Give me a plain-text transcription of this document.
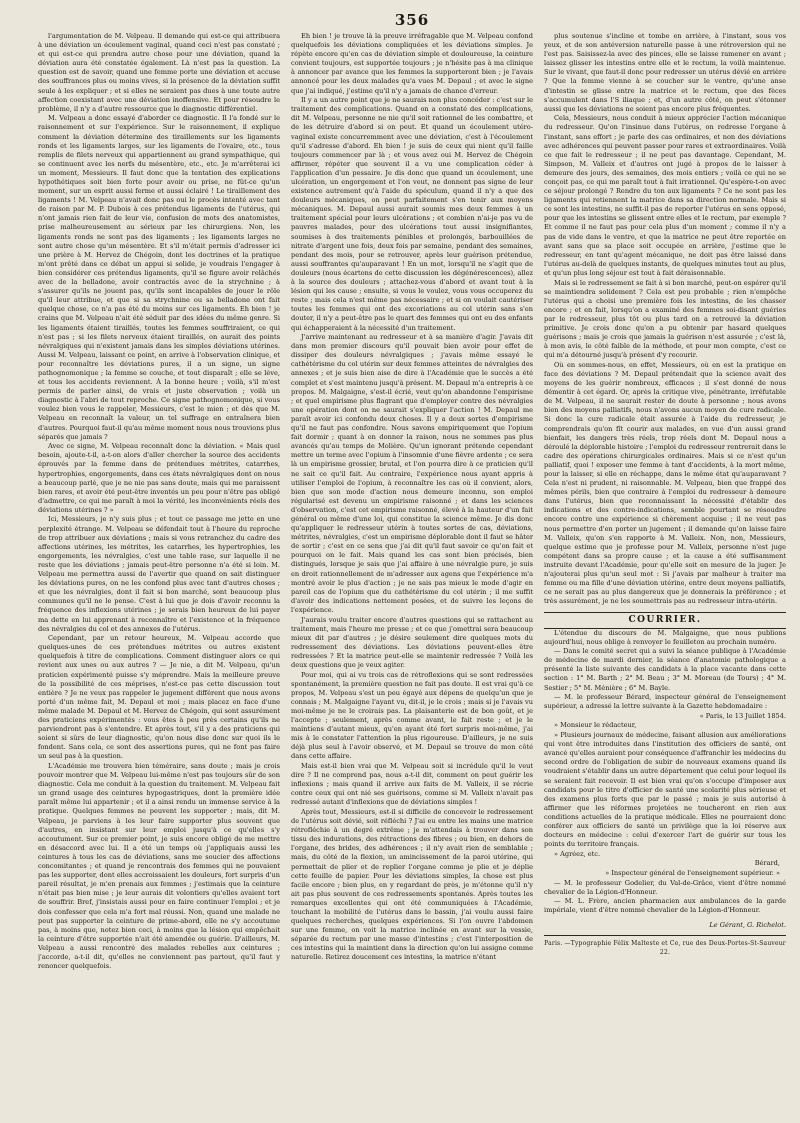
356

l'argumentation de M. Velpeau. Il demande qui est-ce qui attribuera à une déviation un écoulement vaginal, quand ceci n'est pas constaté ; et qui est-ce qui prendra autre chose pour une déviation, quand la déviation aura été constatée également. Là n'est pas la question. La question est de savoir, quand une femme porte une déviation et accuse des souffrances plus ou moins vives, si la présence de la déviation suffit seule à les expliquer ; et si elles ne seraient pas dues à une toute autre affection coexistant avec une déviation inoffensive. Et pour résoudre le problème, il n'y a d'autre ressource que le diagnostic différentiel.

M. Velpeau a donc essayé d'aborder ce diagnostic. Il l'a fondé sur le raisonnement et sur l'expérience. Sur le raisonnement, il explique comment la déviation détermine des tiraillements sur les ligaments ronds et les ligaments larges, sur les ligaments de l'ovaire, etc., tous remplis de filets nerveux qui appartiennent au grand sympathique, qui se continuent avec les nerfs du mésentère, etc., etc. Je m'arrêterai ici un moment, Messieurs. Il faut donc que la tentation des explications hypothétiques soit bien forte pour avoir ou prise, ne fût-ce qu'un moment, sur un esprit aussi ferme et aussi éclairé ! Le tiraillement des ligaments ! M. Velpeau n'avait donc pas oui le procès intenté avec tant de raison par M. P. Dubois à ces prétendus ligaments de l'utérus, qui n'ont jamais rien fait de leur vie, confusion de mots des anatomistes, prise malheureusement au sérieux par les chirurgiens. Non, les ligaments ronds ne sont pas des ligaments ; les ligaments larges ne sont autre chose qu'un mésentère. Et s'il m'était permis d'adresser ici une prière à M. Hervez de Chégoin, dont les doctrines et la pratique m'ont prêté dans ce débat un appui si solide, je voudrais l'engager à bien considérer ces prétendus ligaments, qu'il se figure avoir relâchés avec de la belladone, avoir contractés avec de la strychnine ; à s'assurer qu'ils ne jouent pas, qu'ils sont incapables de jouer le rôle qu'il leur attribue, et que si sa strychnine ou sa belladone ont fait quelque chose, ce n'a pas été du moins sur ces ligaments. Eh bien ! je crains que M. Velpeau n'ait été séduit par des idées du même genre. Si les ligaments étaient tiraillés, toutes les femmes souffriraient, ce qui n'est pas ; si les filets nerveux étaient tiraillés, on aurait des points névralgiques qui n'existent jamais dans les simples déviations utérines. Aussi M. Velpeau, laissant ce point, en arrive à l'observation clinique, et pour reconnaître les déviations pures, il a un signe, un signe pathognomonique ; la femme se couche, et tout disparaît ; elle se lève, et tous les accidents reviennent. À la bonne heure ; voilà, s'il m'est permis de parler ainsi, de vrais et juste observation ; voilà un diagnostic à l'abri de tout reproche. Ce signe pathognomonique, si vous voulez bien vous le rappeler, Messieurs, c'est le mien ; et dès que M. Velpeau en reconnaît la valeur, un tel suffrage en entraînera bien d'autres. Pourquoi faut-il qu'au même moment nous nous trouvions plus séparés que jamais ?

Avec ce signe, M. Velpeau reconnaît donc la déviation. « Mais quel besoin, ajoute-t-il, a-t-on alors d'aller chercher la source des accidents éprouvés par la femme dans de prétendues métrites, catarrhes, hypertrophies, engorgements, dans ces états névralgiques dont on nous a beaucoup parlé, que je ne nie pas sans doute, mais qui me paraissent bien rares, et avoir été peut-être inventés un peu pour n'être pas obligé d'admettre, ce qui me paraît à moi la vérité, les inconvénients réels des déviations utérines ? »

Ici, Messieurs, je n'y suis plus ; et tout ce passage me jette en une perplexité étrange. M. Velpeau se défendait tout à l'heure du reproche de trop attribuer aux déviations ; mais si vous retranchez du cadre des affections utérines, les métrites, les catarrhes, les hypertrophies, les engorgements, les névralgies, c'est une table rase, sur laquelle il ne reste que les déviations ; jamais peut-être personne n'a été si loin. M. Velpeau me permettra aussi de l'avertir que quand on sait distinguer les déviations pures, on ne les confond plus avec tant d'autres choses ; et que les névralgies, dont il fait si bon marché, sont beaucoup plus communes qu'il ne le pense. C'est à lui que je dois d'avoir reconnu la fréquence des inflexions utérines ; je serais bien heureux de lui payer ma dette en lui apprenant à reconnaître et l'existence et la fréquence des névralgies du col et des annexes de l'utérus.

Cependant, par un retour heureux, M. Velpeau accorde que quelques-unes de ces prétendues métrites ou autres existent quelquefois à titre de complications. Comment distinguer alors ce qui revient aux unes ou aux autres ? — Je nie, a dit M. Velpeau, qu'un praticien expérimenté puisse s'y méprendre. Mais la meilleure preuve de la possibilité de ces méprises, n'est-ce pas cette discussion tout entière ? Je ne veux pas rappeler le jugement différent que nous avons porté d'un même fait, M. Depaul et moi ; mais placez en face d'une même malade M. Depaul et M. Hervez de Chégoin, qui sont assurément des praticiens expérimentés : vous êtes à peu près certains qu'ils ne parviendront pas à s'entendre. Et après tout, s'il y a des praticiens qui soient si sûrs de leur diagnostic, qu'on nous dise donc sur quoi ils le fondent. Sans cela, ce sont des assertions pures, qui ne font pas faire un seul pas à la question.

L'Académie me trouvera bien téméraire, sans doute ; mais je crois pouvoir montrer que M. Velpeau lui-même n'est pas toujours sûr de son diagnostic. Cela me conduit à la question du traitement. M. Velpeau fait un grand usage des ceintures hypogastriques, dont la première idée paraît même lui appartenir ; et il a ainsi rendu un immense service à la pratique. Quelques femmes ne peuvent les supporter ; mais, dit M. Velpeau, je parviens à les leur faire supporter plus souvent que d'autres, en insistant sur leur emploi jusqu'à ce qu'elles s'y accoutument. Sur ce premier point, je suis encore obligé de me mettre en désaccord avec lui. Il a été un temps où j'appliquais aussi les ceintures à tous les cas de déviations, sans me soucier des affections concomitantes ; et quand je rencontrais des femmes qui ne pouvaient pas les supporter, dont elles accroissaient les douleurs, fort surpris d'un pareil résultat, je m'en prenais aux femmes ; j'estimais que la ceinture n'était pas bien mise ; je leur aurais dit volontiers qu'elles avaient tort de souffrir. Bref, j'insistais aussi pour en faire continuer l'emploi ; et je dois confesser que cela m'a fort mal réussi. Non, quand une malade ne peut pas supporter la ceinture de prime-abord, elle ne s'y accoutume pas, à moins que, notez bien ceci, à moins que la lésion qui empêchait la ceinture d'être supportée n'ait été amendée ou guérie. D'ailleurs, M. Velpeau a aussi rencontré des malades rebelles aux ceintures ; j'accorde, a-t-il dit, qu'elles ne conviennent pas partout, qu'il faut y renoncer quelquefois.

Eh bien ! je trouve là la preuve irréfragable que M. Velpeau confond quelquefois les déviations compliquées et les déviations simples. Je répète encore qu'en cas de déviation simple et douloureuse, la ceinture convient toujours, est supportée toujours ; je n'hésite pas à ma clinique à annoncer par avance que les femmes la supporteront bien ; je l'avais annoncé pour les deux malades qu'a vues M. Depaul ; et avec le signe que j'ai indiqué, j'estime qu'il n'y a jamais de chance d'erreur.

Il y a un autre point que je ne saurais non plus concéder : c'est sur le traitement des complications. Quand on a constaté des complications, dit M. Velpeau, personne ne nie qu'il soit rationnel de les combattre, et de les détruire d'abord si on peut. Et quand un écoulement utéro-vaginal existe concurremment avec une déviation, c'est à l'écoulement qu'il s'adresse d'abord. Eh bien ! je suis de ceux qui nient qu'il faille toujours commencer par là ; et vous avez oui M. Hervez de Chégoin affirmer, répéter que souvent il a vu une complication céder à l'application d'un pessaire. Je dis donc que quand un écoulement, une ulcération, un engorgement et l'on veut, ne donnent pas signe de leur existence autrement qu'à l'aide du spéculum, quand il n'y a que des douleurs mécaniques, on peut parfaitement s'en tenir aux moyens mécaniques. M. Depaul aussi aurait soumis mes deux femmes à un traitement spécial pour leurs ulcérations ; et combien n'ai-je pas vu de pauvres malades, pour des ulcérations tout aussi insignifiantes, soumises à des traitements pénibles et prolongés, barbouillées de nitrate d'argent une fois, deux fois par semaine, pendant des semaines, pendant des mois, pour se retrouver, après leur guérison prétendue, aussi souffrantes qu'auparavant ! En un mot, lorsqu'il ne s'agit que de douleurs (nous écartons de cette discussion les dégénérescences), allez à la source des douleurs ; attachez-vous d'abord et avant tout à la lésion qui les cause ; ensuite, si vous le voulez, vous vous occuperez du reste ; mais cela n'est même pas nécessaire ; et si on voulait cautériser toutes les femmes qui ont des excoriations au col utérin sans s'en douter, il n'y a peut-être pas le quart des femmes qui ont eu des enfants qui échapperaient à la nécessité d'un traitement.

J'arrive maintenant au redresseur et à sa manière d'agir. J'avais dit dans mon premier discours qu'il pouvait bien avoir pour effet de dissiper des douleurs névralgiques ; j'avais même essayé le cathétérisme du col utérin sur deux femmes atteintes de névralgies des annexes ; et je suis bien aise de dire à l'Académie que le succès a été complet et s'est maintenu jusqu'à présent. M. Depaul m'a entrepris à ce propos. M. Malgaigne, s'est-il écrié, veut qu'on abandonne l'empirisme ; et quel empirisme plus flagrant que d'employer contre des névralgies une opération dont on ne saurait s'expliquer l'action ! M. Depaul me paraît avoir ici confondu deux choses. Il y a deux sortes d'empirisme qu'il ne faut pas confondre. Nous savons empiriquement que l'opium fait dormir ; quant à en donner la raison, nous ne sommes pas plus avancés qu'au temps de Molière. Qu'un ignorant prétende cependant mettre un terme avec l'opium à l'insomnie d'une fièvre ardente ; ce sera là un empirisme grossier, brutal, et l'on pourra dire à ce praticien qu'il ne sait ce qu'il fait. Au contraire, l'expérience nous ayant appris à utiliser l'emploi de l'opium, à reconnaître les cas où il convient, alors, bien que son mode d'action nous demeure inconnu, son emploi régularisé est devenu un empirisme raisonné ; et dans les sciences d'observation, c'est cet empirisme raisonné, élevé à la hauteur d'un fait général ou même d'une loi, qui constitue la science même. Je dis donc qu'appliquer le redresseur utérin à toutes sortes de cas, déviations, métrites, névralgies, c'est un empirisme déplorable dont il faut se hâter de sortir ; c'est en ce sens que j'ai dit qu'il faut savoir ce qu'on fait et pourquoi on le fait. Mais quand les cas sont bien précisés, bien distingués, lorsque je sais que j'ai affaire à une névralgie pure, je suis en droit rationnellement de m'adresser aux agens que l'expérience m'a montré avoir le plus d'action ; je ne sais pas mieux le mode d'agir en pareil cas de l'opium que du cathétérisme du col utérin ; il me suffit d'avoir des indications nettement posées, et de suivre les leçons de l'expérience.

J'aurais voulu traiter encore d'autres questions qui se rattachent au traitement, mais l'heure me presse ; et ce que j'omettrai sera beaucoup mieux dit par d'autres ; je désire seulement dire quelques mots du redressement des déviations. Les déviations peuvent-elles être redressées ? Et la matrice peut-elle se maintenir redressée ? Voilà les deux questions que je veux agiter.

Pour moi, qui ai vu trois cas de rétroflexions qui se sont redressées spontanément, la première question ne fait pas doute. Il est vrai qu'à ce propos, M. Velpeau s'est un peu égayé aux dépens de quelqu'un que je connais ; M. Malgaigne l'ayant vu, dit-il, je le crois ; mais si je l'avais vu moi-même je ne le croirais pas. La plaisanterie est de bon goût, et je l'accepte ; seulement, après comme avant, le fait reste ; et je le maintiens d'autant mieux, qu'en ayant été fort surpris moi-même, j'ai mis à le constater l'attention la plus rigoureuse. D'ailleurs, je ne suis déjà plus seul à l'avoir observé, et M. Depaul se trouve de mon côté dans cette affaire.

Mais est-il bien vrai que M. Velpeau soit si incrédule qu'il le veut dire ? Il ne comprend pas, nous a-t-il dit, comment on peut guérir les inflexions ; mais quand il arrive aux faits de M. Valleix, il se récrie contre ceux qui ont nié ses guérisons, comme si M. Valleix n'avait pas redressé autant d'inflexions que de déviations simples !

Après tout, Messieurs, est-il si difficile de concevoir le redressement de l'utérus soit dévié, soit réfléchi ? J'ai eu entre les mains une matrice rétrofléchie à un degré extrême ; je m'attendais à trouver dans son tissu des indurations, des rétractions des fibres ; ou bien, en dehors de l'organe, des brides, des adhérences ; il n'y avait rien de semblable ; mais, du côté de la flexion, un amincissement de la paroi utérine, qui permettait de plier et de replier l'organe comme je plie et je déplie cette feuille de papier. Pour les déviations simples, la chose est plus facile encore ; bien plus, en y regardant de près, je m'étonne qu'il n'y ait pas plus souvent de ces redressements spontanés. Après toutes les remarques excellentes qui ont été communiquées à l'Académie, touchant la mobilité de l'utérus dans le bassin, j'ai voulu aussi faire quelques recherches, quelques expériences. Si l'on ouvre l'abdomen sur une femme, on voit la matrice inclinée en avant sur la vessie, séparée du rectum par une masse d'intestins ; c'est l'interposition de ces intestins qui la maintient dans la direction qu'on lui assigne comme naturelle. Retirez doucement ces intestins, la matrice n'étant

plus soutenue s'incline et tombe en arrière, à l'instant, sous vos yeux, et de son antéversion naturelle passe à une rétroversion qui ne l'est pas. Saisissez-la avec des pinces, elle se laisse ramener en avant ; laissez glisser les intestins entre elle et le rectum, la voilà maintenue. Sur le vivant, que faut-il donc pour redresser un utérus dévié en arrière ? Que la femme vienne à se coucher sur le ventre, qu'une anse d'intestin se glisse entre la matrice et le rectum, que des fèces s'accumulent dans l'S iliaque ; et, d'un autre côté, on peut s'étonner aussi que les déviations ne soient pas encore plus fréquentes.

Cela, Messieurs, nous conduit à mieux apprécier l'action mécanique du redresseur. Qu'on l'insinue dans l'utérus, on redresse l'organe à l'instant, sans effort ; je parle des cas ordinaires, et non des déviations avec adhérences qui peuvent passer pour rares et extraordinaires. Voilà ce que fait le redresseur ; il ne peut pas davantage. Cependant, M. Simpson, M. Valleix et d'autres ont jugé à propos de le laisser à demeure des jours, des semaines, des mois entiers ; voilà ce qui ne se conçoit pas, ce qui me paraît tout à fait irrationnel. Qu'espère-t-on avec ce séjour prolongé ? Rendre du ton aux ligaments ? Ce ne sont pas les ligaments qui retiennent la matrice dans sa direction normale. Mais si ce sont les intestins, ne suffit-il pas de reporter l'utérus en sens opposé, pour que les intestins se glissent entre elles et le rectum, par exemple ? Et comme il ne faut pas pour cela plus d'un moment ; comme il n'y a pas de vide dans le ventre, et que la matrice ne peut être reportée en avant sans que sa place soit occupée en arrière, j'estime que le redresseur, en tant qu'agent mécanique, ne doit pas être laissé dans l'utérus au-delà de quelques instants, de quelques minutes tout au plus, et qu'un plus long séjour est tout à fait déraisonnable.

Mais si le redressement se fait à si bon marché, peut-on espérer qu'il se maintiendra solidement ? Cela est peu probable ; rien n'empêche l'utérus qui a choisi une première fois les intestins, de les chasser encore ; et en fait, lorsqu'on a examiné des femmes soi-disant guéries par le redresseur, plus tôt ou plus tard on a retrouvé la déviation primitive. Je crois donc qu'on a pu obtenir par hasard quelques guérisons ; mais je crois que jamais la guérison n'est assurée ; c'est là, à mon avis, le côté faible de la méthode, et pour mon compte, c'est ce qui m'a détourné jusqu'à présent d'y recourir.

Où en sommes-nous, en effet, Messieurs, où en est la pratique en face des déviations ? M. Depaul prétendait que la science avait des moyens de les guérir nombreux, efficaces ; il s'est donné de nous démentir à cet égard. Or, après la critique vive, pénétrante, irréfutable de M. Velpeau, il ne saurait rester de doute à personne ; nous avons bien des moyens palliatifs, nous n'avons aucun moyen de cure radicale. Si donc la cure radicale était assurée à l'aide du redresseur, je comprendrais qu'on fît courir aux malades, en vue d'un aussi grand bienfait, les dangers très réels, trop réels dont M. Depaul nous a déroulé la déplorable histoire ; l'emploi du redresseur rentrerait dans le cadre des opérations chirurgicales ordinaires. Mais si ce n'est qu'un palliatif, quoi ! exposer une femme à tant d'accidents, à la mort même, pour la laisser, si elle en réchappe, dans le même état qu'auparavant ? Cela n'est ni prudent, ni raisonnable. M. Velpeau, bien que frappé des mêmes périls, bien que contraire à l'emploi du redresseur à demeure dans l'utérus, bien que reconnaissant la nécessité d'établir des indications et des contre-indications, semble pourtant se résoudre encore contre une expérience si chèrement acquise ; il ne veut pas nous permettre d'en porter un jugement ; il demande qu'on laisse faire M. Valleix, qu'on s'en rapporte à M. Valleix. Non, non, Messieurs, quelque estime que je professe pour M. Valleix, personne n'est juge compétent dans sa propre cause ; et la cause a été suffisamment instruite devant l'Académie, pour qu'elle soit en mesure de la juger. Je n'ajouterai plus qu'un seul mot : Si j'avais par malheur à traiter ma femme ou ma fille d'une déviation utérine, entre deux moyens palliatifs, ce ne serait pas au plus dangereux que je donnerais la préférence ; et très assurément, je ne les soumettrais pas au redresseur intra-utérin.

COURRIER.

L'étendue du discours de M. Malgaigne, que nous publions aujourd'hui, nous oblige à renvoyer le feuilleton au prochain numéro.

— Dans le comité secret qui a suivi la séance publique à l'Académie de médecine de mardi dernier, la séance d'anatomie pathologique a présenté la liste suivante des candidats à la place vacante dans cette section : 1° M. Barth ; 2° M. Beau ; 3° M. Moreau (de Tours) ; 4° M. Sestier ; 5° M. Ménière ; 6° M. Bayle.

— M. le professeur Bérard, inspecteur général de l'enseignement supérieur, a adressé la lettre suivante à la Gazette hebdomadaire :

« Paris, le 13 Juillet 1854.

» Monsieur le rédacteur,

» Plusieurs journaux de médecine, faisant allusion aux améliorations qui vont être introduites dans l'institution des officiers de santé, ont avancé qu'elles auraient pour conséquence d'affranchir les médecins du second ordre de l'obligation de subir de nouveaux examens quand ils voudraient s'établir dans un autre département que celui pour lequel ils se seraient fait recevoir. Il est bien vrai qu'on s'occupe d'imposer aux candidats pour le titre d'officier de santé une scolarité plus sérieuse et des examens plus forts que par le passé ; mais je suis autorisé à affirmer que les réformes projetées ne toucheront en rien aux conditions actuelles de la pratique médicale. Elles ne pourraient donc conférer aux officiers de santé un privilège que la loi réserve aux docteurs en médecine : celui d'exercer l'art de guérir sur tous les points du territoire français.

» Agréez, etc.

Bérard,

» Inspecteur général de l'enseignement supérieur. »

— M. le professeur Godelier, du Val-de-Grâce, vient d'être nommé chevalier de la Légion-d'Honneur.

— M. L. Frère, ancien pharmacien aux ambulances de la garde impériale, vient d'être nommé chevalier de la Légion-d'Honneur.

Le Gérant, G. Richelot.
Paris. —Typographie Félix Malteste et Ce, rue des Deux-Portes-St-Sauveur 22.
